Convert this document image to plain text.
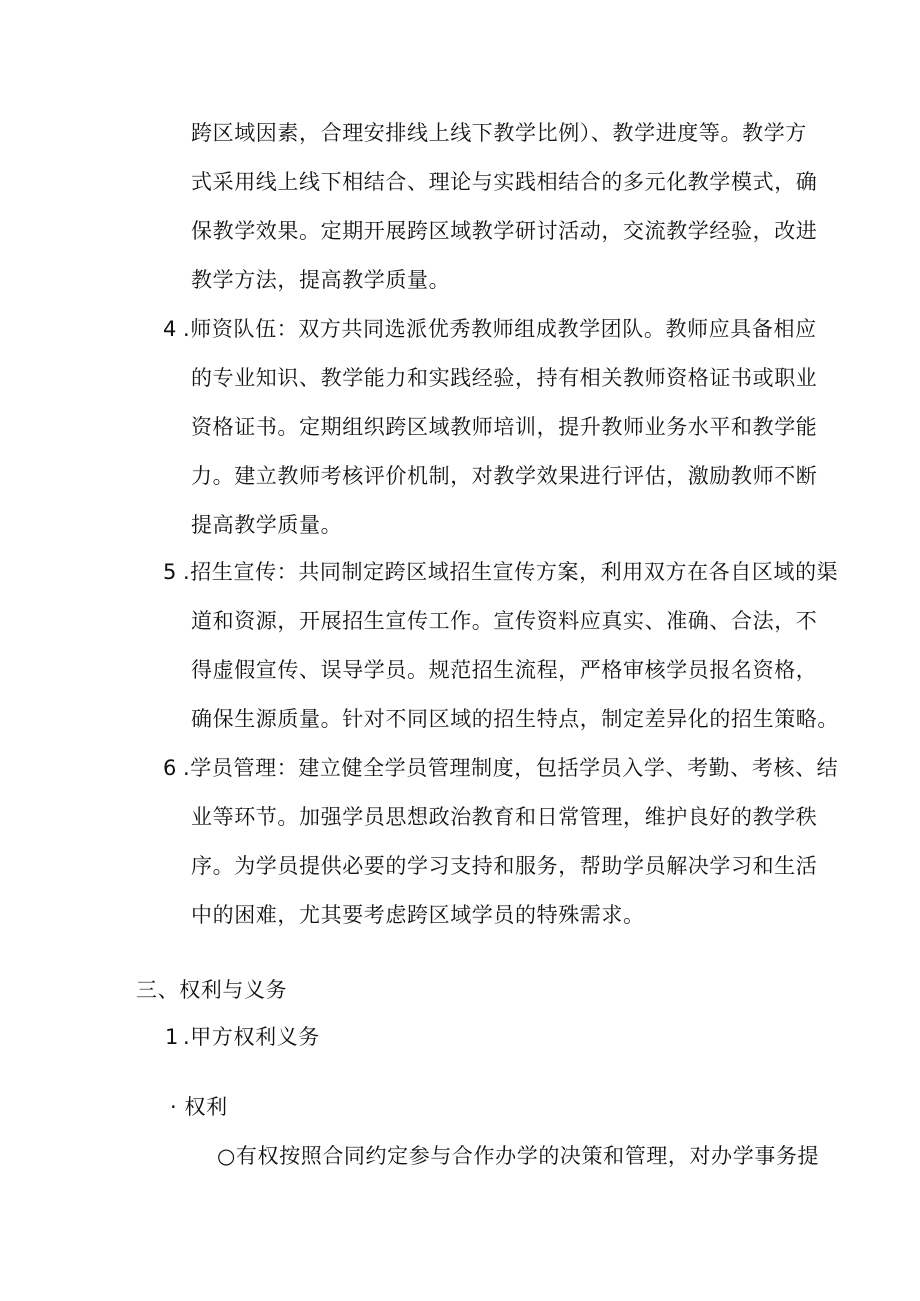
跨区域因素，合理安排线上线下教学比例）、教学进度等。教学方
式采用线上线下相结合、理论与实践相结合的多元化教学模式，确
保教学效果。定期开展跨区域教学研讨活动，交流教学经验，改进
教学方法，提高教学质量。
4 .师资队伍：双方共同选派优秀教师组成教学团队。教师应具备相应
的专业知识、教学能力和实践经验，持有相关教师资格证书或职业
资格证书。定期组织跨区域教师培训，提升教师业务水平和教学能
力。建立教师考核评价机制，对教学效果进行评估，激励教师不断
提高教学质量。
5 .招生宣传：共同制定跨区域招生宣传方案，利用双方在各自区域的渠
道和资源，开展招生宣传工作。宣传资料应真实、准确、合法，不
得虚假宣传、误导学员。规范招生流程，严格审核学员报名资格，
确保生源质量。针对不同区域的招生特点，制定差异化的招生策略。
6 .学员管理：建立健全学员管理制度，包括学员入学、考勤、考核、结
业等环节。加强学员思想政治教育和日常管理，维护良好的教学秩
序。为学员提供必要的学习支持和服务，帮助学员解决学习和生活
中的困难，尤其要考虑跨区域学员的特殊需求。
三、权利与义务
1 .甲方权利义务
· 权利
○有权按照合同约定参与合作办学的决策和管理，对办学事务提
